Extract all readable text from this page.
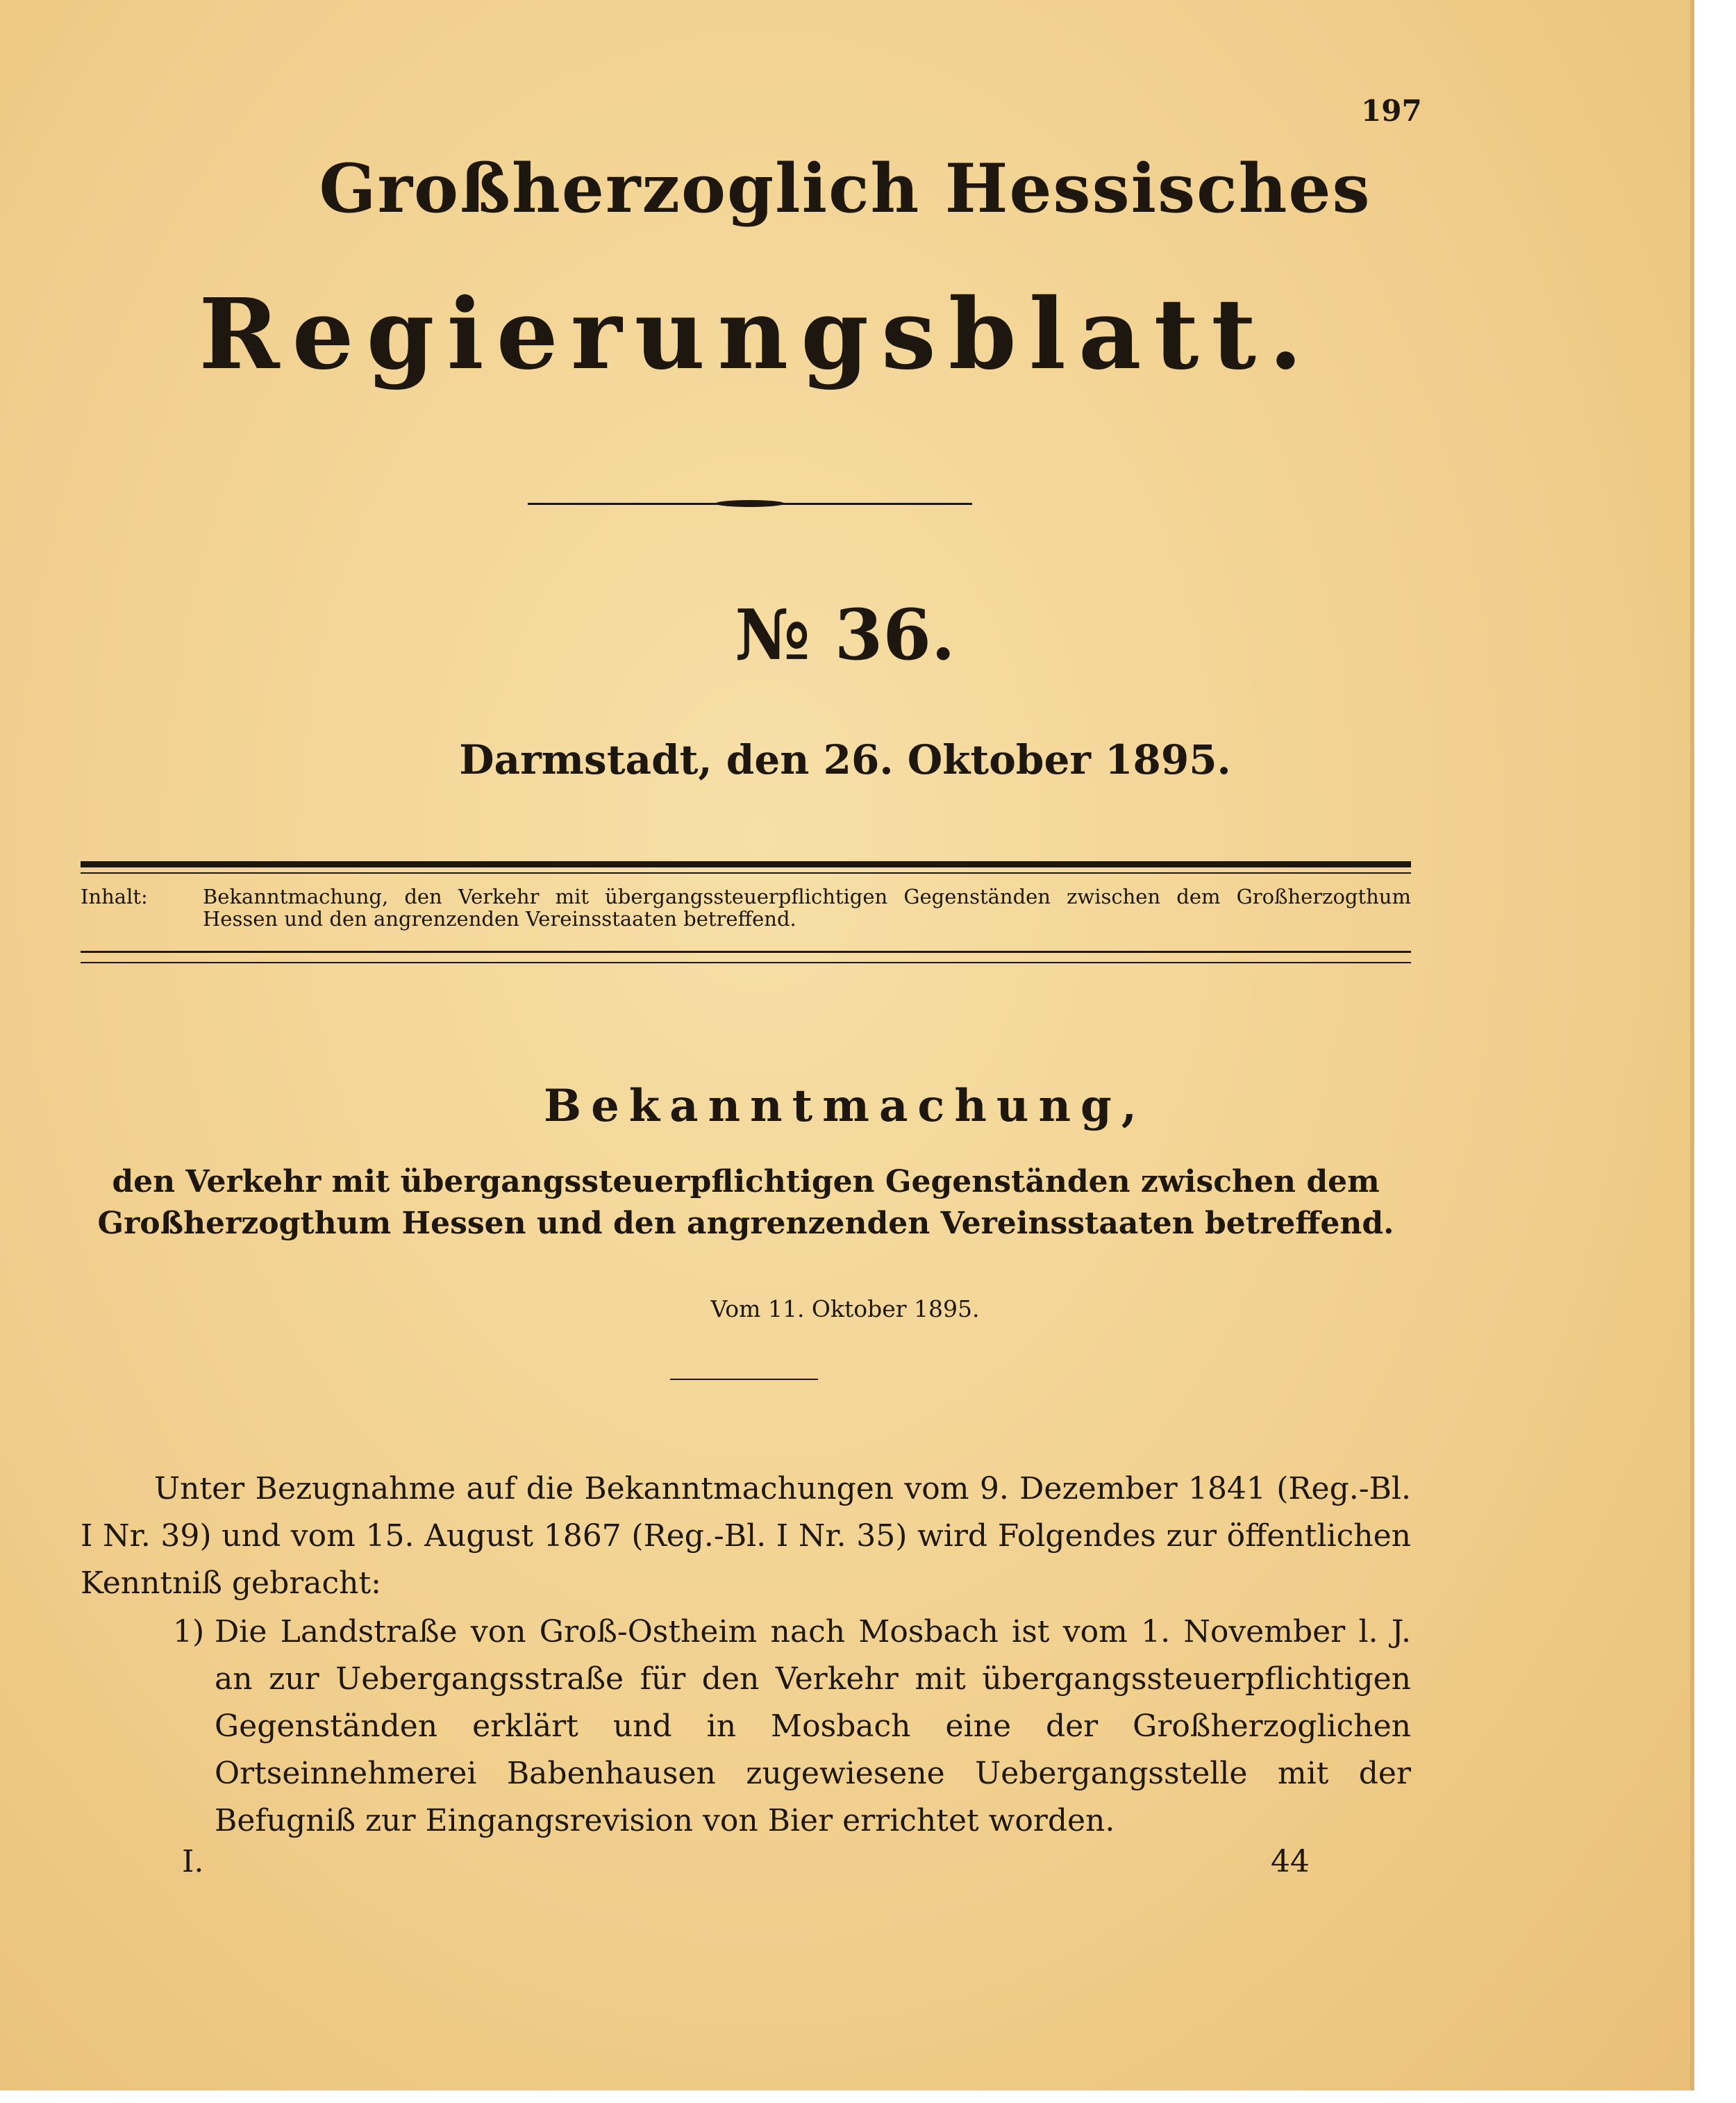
197
Großherzoglich Hessisches
Regierungsblatt.
№ 36.
Darmstadt, den 26. Oktober 1895.
Inhalt:	Bekanntmachung, den Verkehr mit übergangssteuerpflichtigen Gegenständen zwischen dem Großherzogthum Hessen und den angrenzenden Vereinsstaaten betreffend.
Bekanntmachung,
den Verkehr mit übergangssteuerpflichtigen Gegenständen zwischen dem Großherzogthum Hessen und den angrenzenden Vereinsstaaten betreffend.
Vom 11. Oktober 1895.

Unter Bezugnahme auf die Bekanntmachungen vom 9. Dezember 1841 (Reg.-Bl. I Nr. 39) und vom 15. August 1867 (Reg.-Bl. I Nr. 35) wird Folgendes zur öffentlichen Kenntniß gebracht:

1) Die Landstraße von Groß-Ostheim nach Mosbach ist vom 1. November l. J. an zur Uebergangsstraße für den Verkehr mit übergangssteuerpflichtigen Gegenständen erklärt und in Mosbach eine der Großherzoglichen Ortseinnehmerei Babenhausen zugewiesene Uebergangsstelle mit der Befugniß zur Eingangsrevision von Bier errichtet worden.
I.	44
